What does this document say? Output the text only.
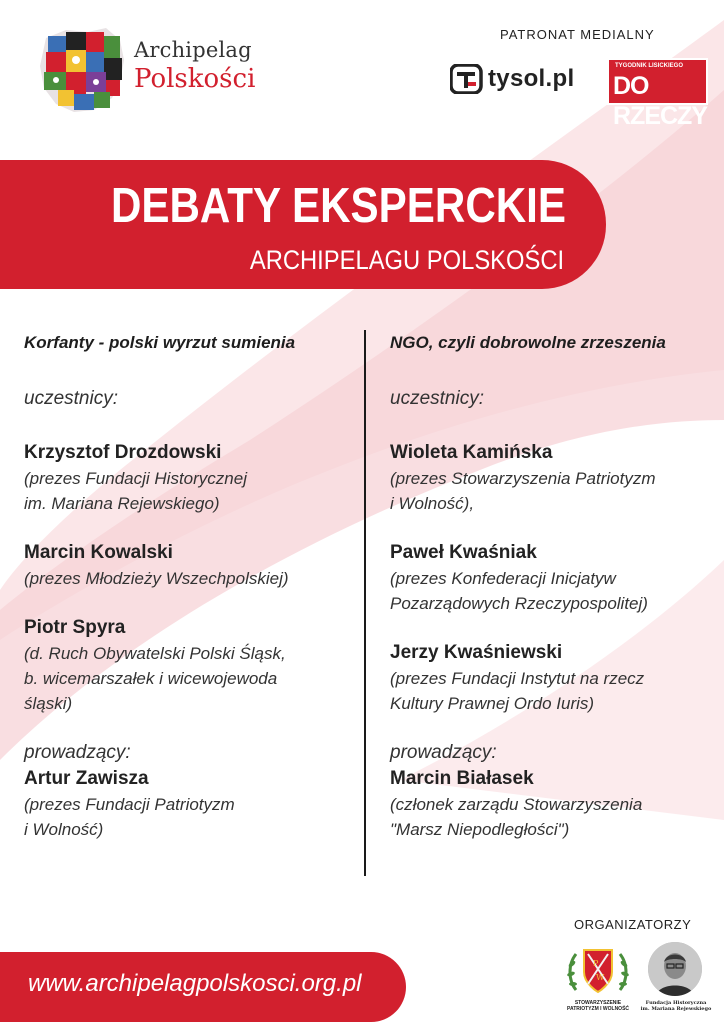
Archipelag
Polskości
PATRONAT MEDIALNY
tysol.pl	TYGODNIK LISICKIEGO
DO RZECZY
DEBATY EKSPERCKIE
ARCHIPELAGU POLSKOŚCI
Korfanty - polski wyrzut sumienia
uczestnicy:
Krzysztof Drozdowski
(prezes Fundacji Historycznej
im. Mariana Rejewskiego)
Marcin Kowalski
(prezes Młodzieży Wszechpolskiej)
Piotr Spyra
(d. Ruch Obywatelski Polski Śląsk,
b. wicemarszałek i wicewojewoda
śląski)
prowadzący:
Artur Zawisza
(prezes Fundacji Patriotyzm
i Wolność)
NGO, czyli dobrowolne zrzeszenia
uczestnicy:
Wioleta Kamińska
(prezes Stowarzyszenia Patriotyzm
i Wolność),
Paweł Kwaśniak
(prezes Konfederacji Inicjatyw
Pozarządowych Rzeczypospolitej)
Jerzy Kwaśniewski
(prezes Fundacji Instytut na rzecz
Kultury Prawnej Ordo Iuris)
prowadzący:
Marcin Białasek
(członek zarządu Stowarzyszenia
"Marsz Niepodległości")
www.archipelagpolskosci.org.pl
ORGANIZATORZY
P
W
STOWARZYSZENIE
PATRIOTYZM I WOLNOŚĆ
Fundacja Historyczna
im. Mariana Rejewskiego
